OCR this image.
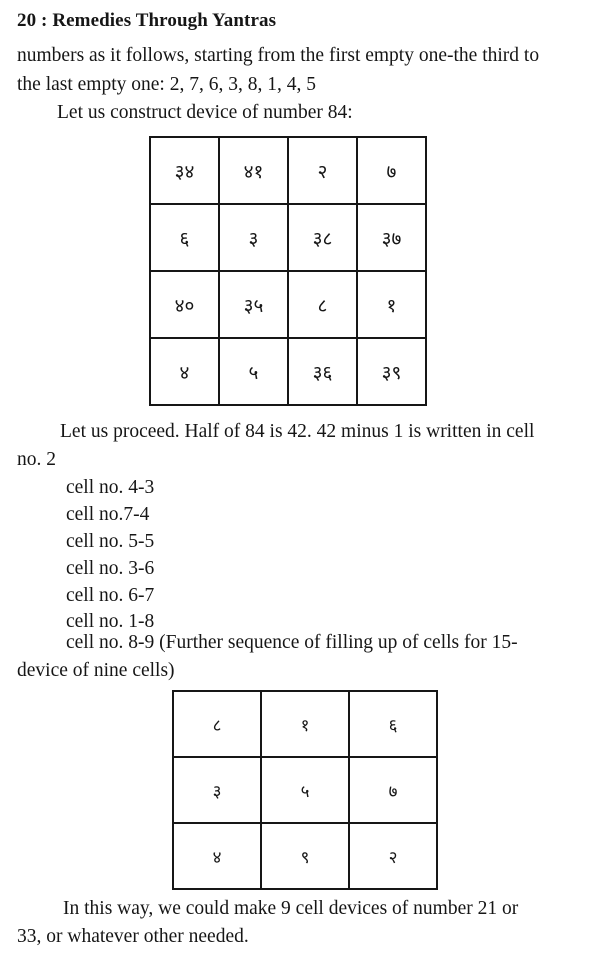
20 : Remedies Through Yantras
numbers as it follows, starting from the first empty one-the third to
the last empty one: 2, 7, 6, 3, 8, 1, 4, 5
Let us construct device of number 84:
३४	४१	२	७
६	३	३८	३७
४०	३५	८	१
४	५	३६	३९
Let us proceed. Half of 84 is 42. 42 minus 1 is written in cell
no. 2
cell no. 4-3
cell no.7-4
cell no. 5-5
cell no. 3-6
cell no. 6-7
cell no. 1-8
cell no. 8-9 (Further sequence of filling up of cells for 15-
device of nine cells)
८	१	६
३	५	७
४	९	२
In this way, we could make 9 cell devices of number 21 or
33, or whatever other needed.
